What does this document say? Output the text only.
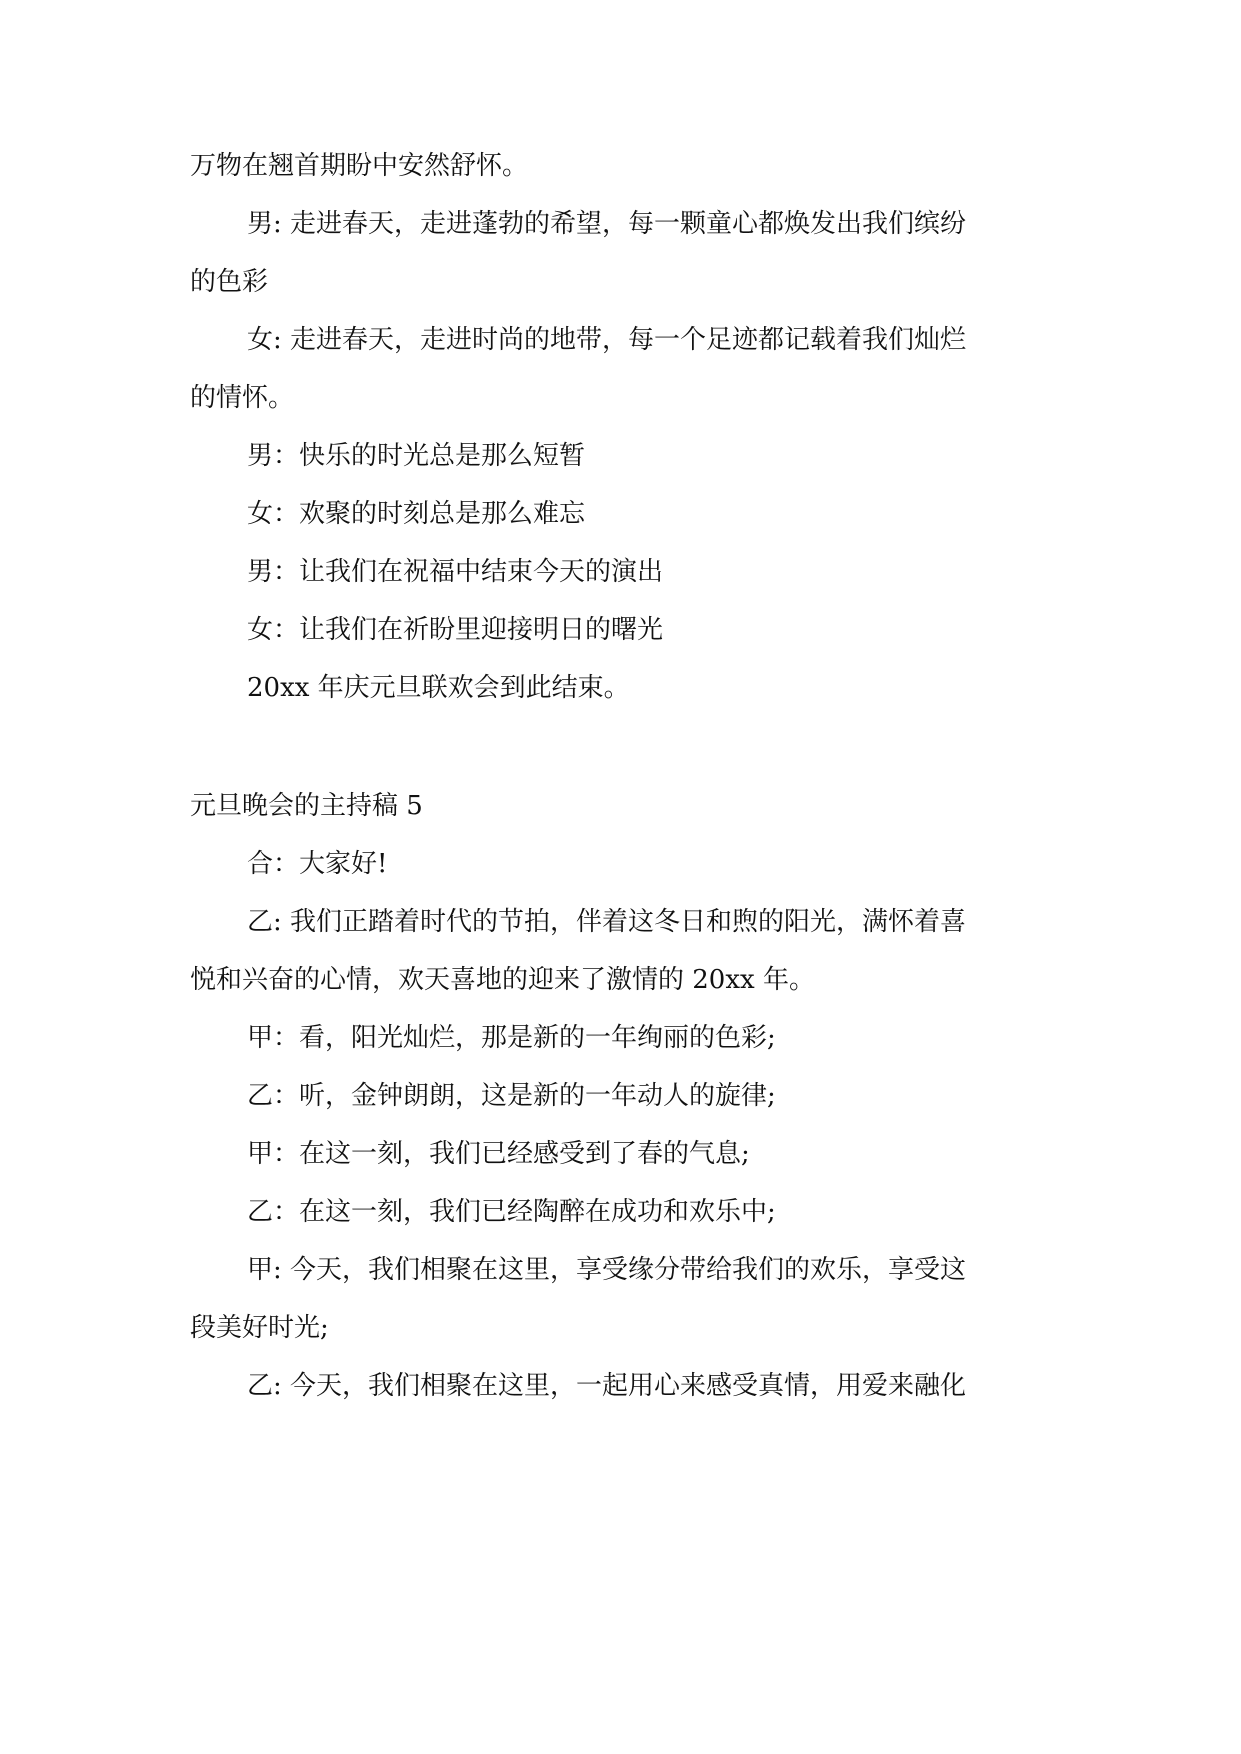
万物在翘首期盼中安然舒怀。

男: 走进春天，走进蓬勃的希望，每一颗童心都焕发出我们缤纷

的色彩

女: 走进春天，走进时尚的地带，每一个足迹都记载着我们灿烂

的情怀。

男：快乐的时光总是那么短暂

女：欢聚的时刻总是那么难忘

男：让我们在祝福中结束今天的演出

女：让我们在祈盼里迎接明日的曙光

20xx 年庆元旦联欢会到此结束。

元旦晚会的主持稿 5

合：大家好!

乙: 我们正踏着时代的节拍，伴着这冬日和煦的阳光，满怀着喜

悦和兴奋的心情，欢天喜地的迎来了激情的 20xx 年。

甲：看，阳光灿烂，那是新的一年绚丽的色彩;

乙：听，金钟朗朗，这是新的一年动人的旋律;

甲：在这一刻，我们已经感受到了春的气息;

乙：在这一刻，我们已经陶醉在成功和欢乐中;

甲: 今天，我们相聚在这里，享受缘分带给我们的欢乐，享受这

段美好时光;

乙: 今天，我们相聚在这里，一起用心来感受真情，用爱来融化
